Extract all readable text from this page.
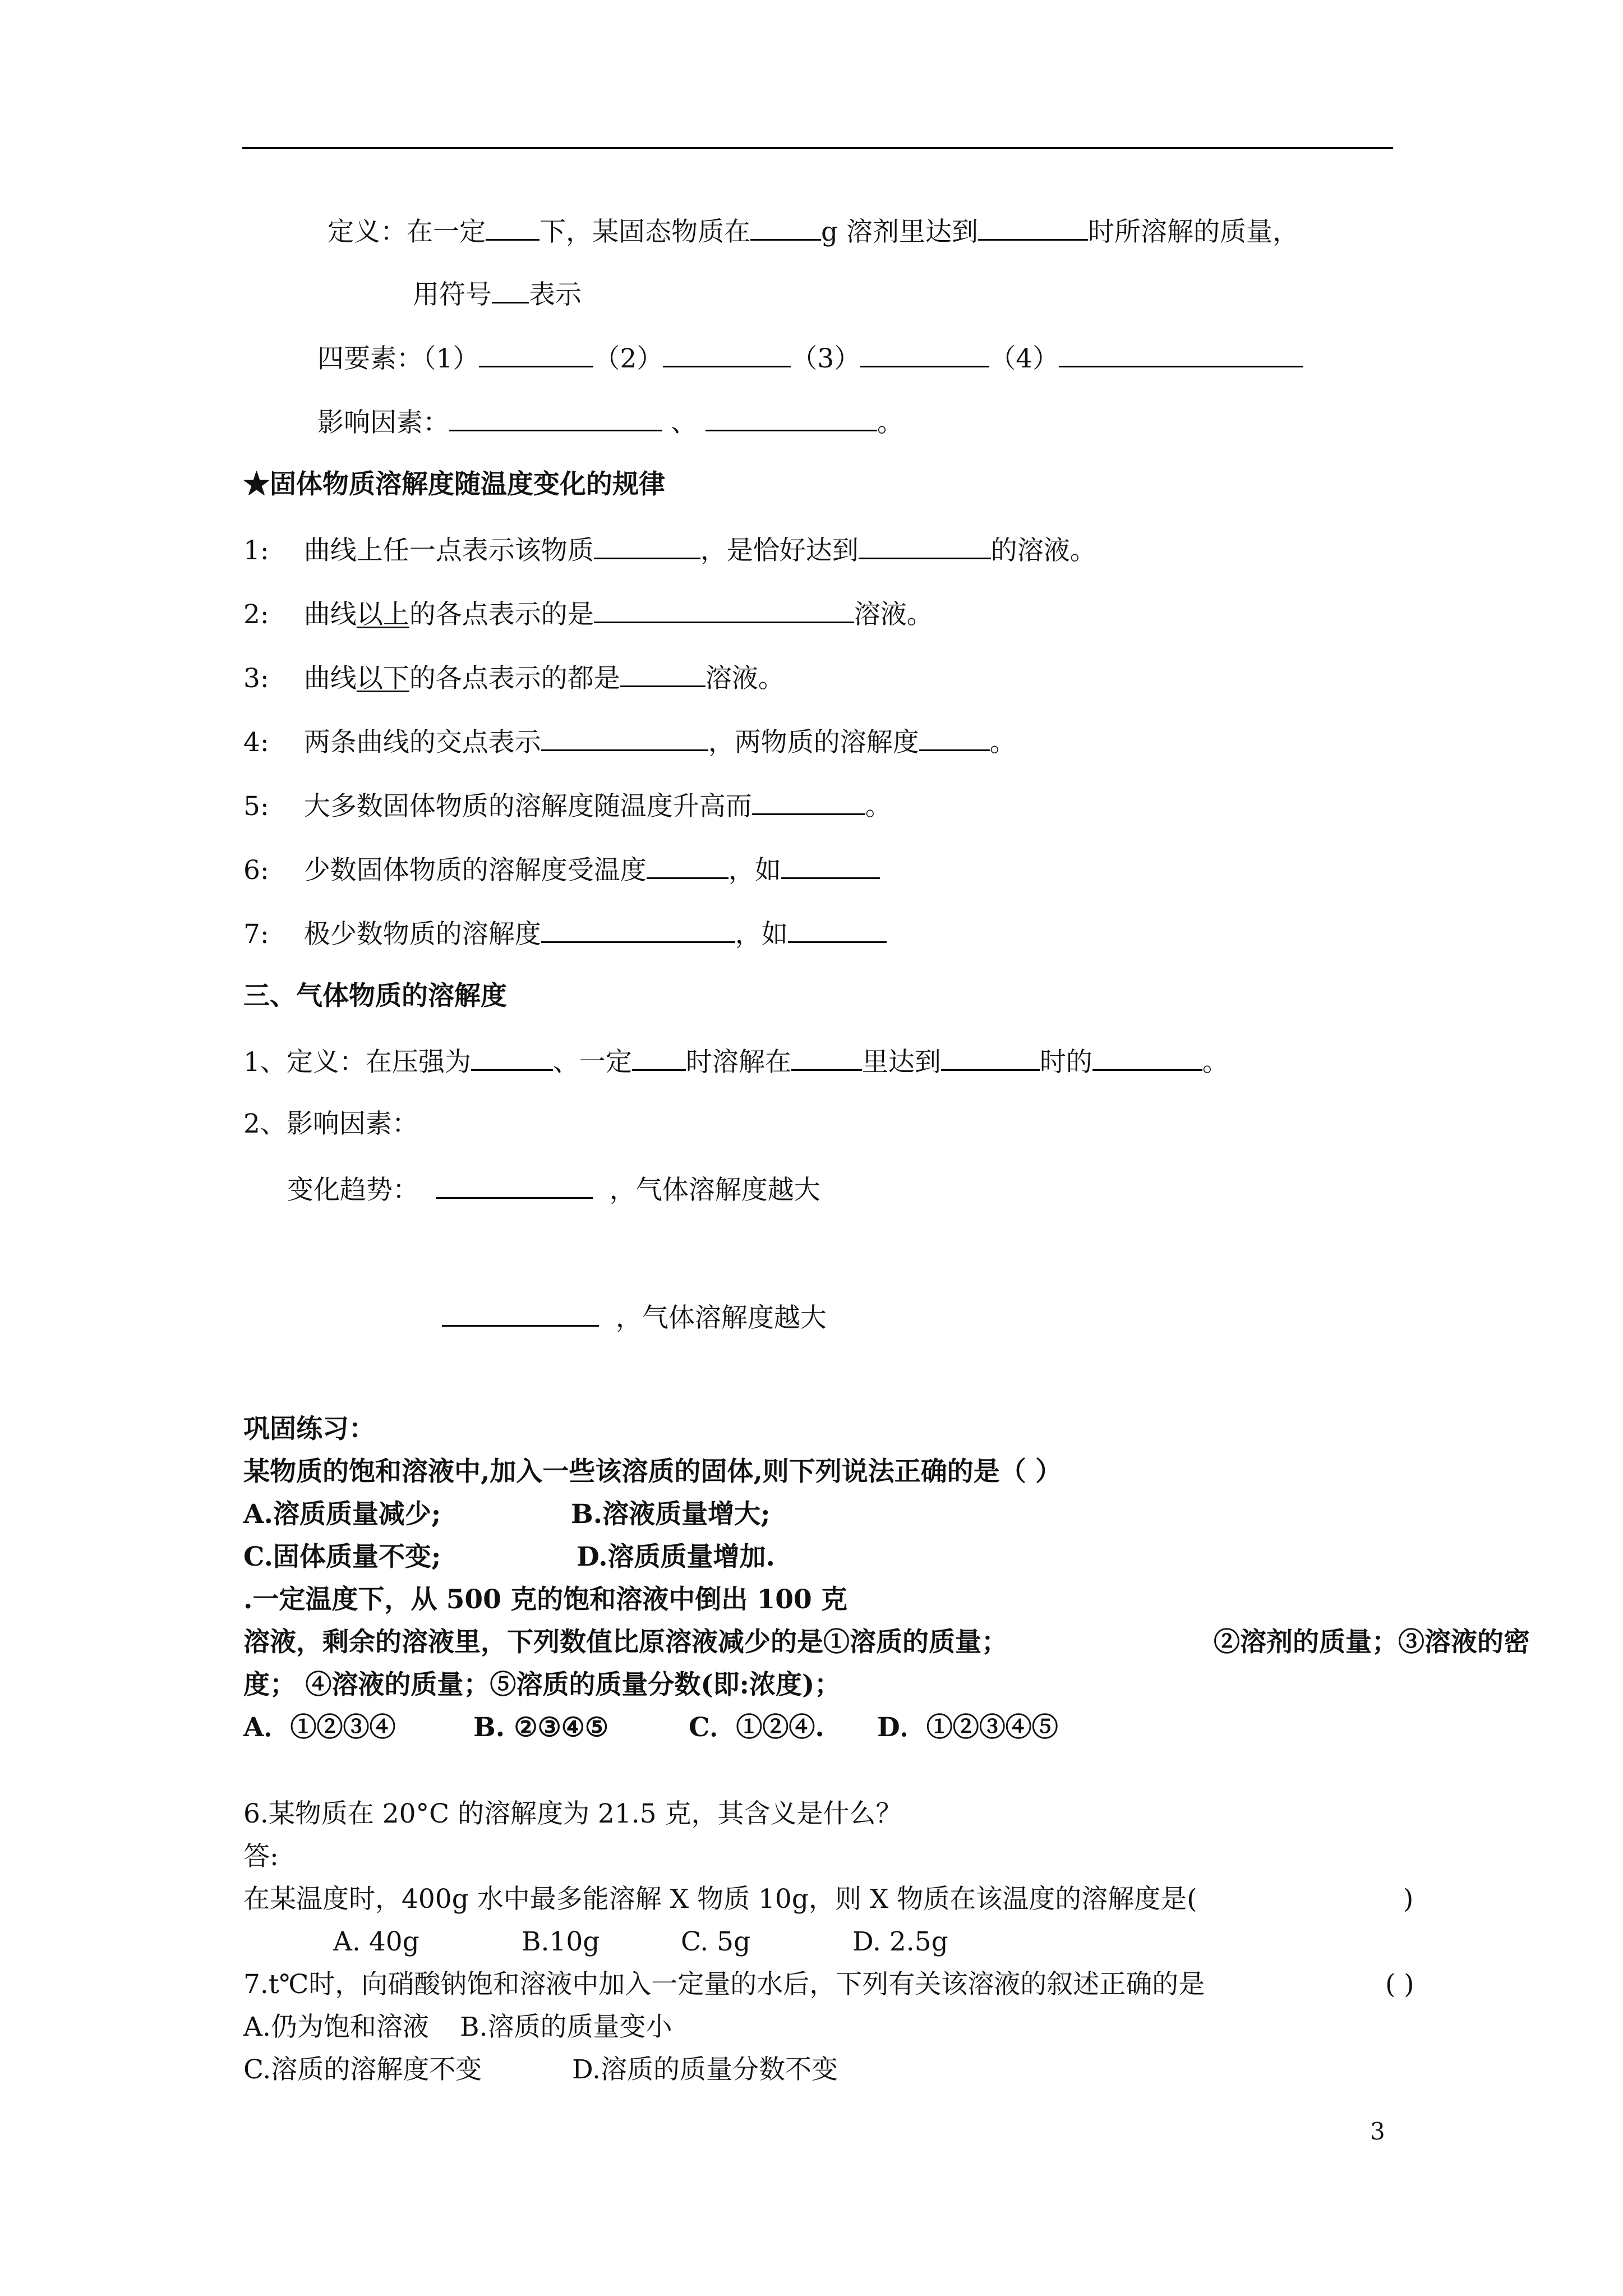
定义：在一定 下，某固态物质在	g 溶剂里达到	时所溶解的质量，
用符号 表示
四要素：（1）	（2）	（3）	（4）
影响因素：	、	。
★固体物质溶解度随温度变化的规律
1: 曲线上任一点表示该物质	，是恰好达到	的溶液。
2: 曲线以上的各点表示的是	溶液。
3: 曲线以下的各点表示的都是	溶液。
4: 两条曲线的交点表示	，两物质的溶解度	。
5: 大多数固体物质的溶解度随温度升高而	。
6: 少数固体物质的溶解度受温度	，如
7: 极少数物质的溶解度	，如
三、气体物质的溶解度
1、定义：在压强为	、一定 时溶解在	里达到	时的	。
2、影响因素：
变化趋势：	，气体溶解度越大
，气体溶解度越大
巩固练习：
某物质的饱和溶液中,加入一些该溶质的固体,则下列说法正确的是（ ）
A.溶质质量减少;	B.溶液质量增大;
C.固体质量不变;	D.溶质质量增加.
.一定温度下，从 500 克的饱和溶液中倒出 100 克
溶液，剩余的溶液里，下列数值比原溶液减少的是①溶质的质量；	②溶剂的质量；③溶液的密
度； ④溶液的质量；⑤溶质的质量分数(即:浓度)；
A．①②③④	B. ②③④⑤	C．①②④. D．①②③④⑤
6.某物质在 20°C 的溶解度为 21.5 克，其含义是什么？
答:
在某温度时，400g 水中最多能溶解 X 物质 10g，则 X 物质在该温度的溶解度是(	)
A. 40g	B.10g	C. 5g	D. 2.5g
7.t℃时，向硝酸钠饱和溶液中加入一定量的水后，下列有关该溶液的叙述正确的是	( )
A.仍为饱和溶液 B.溶质的质量变小
C.溶质的溶解度不变	D.溶质的质量分数不变
3
